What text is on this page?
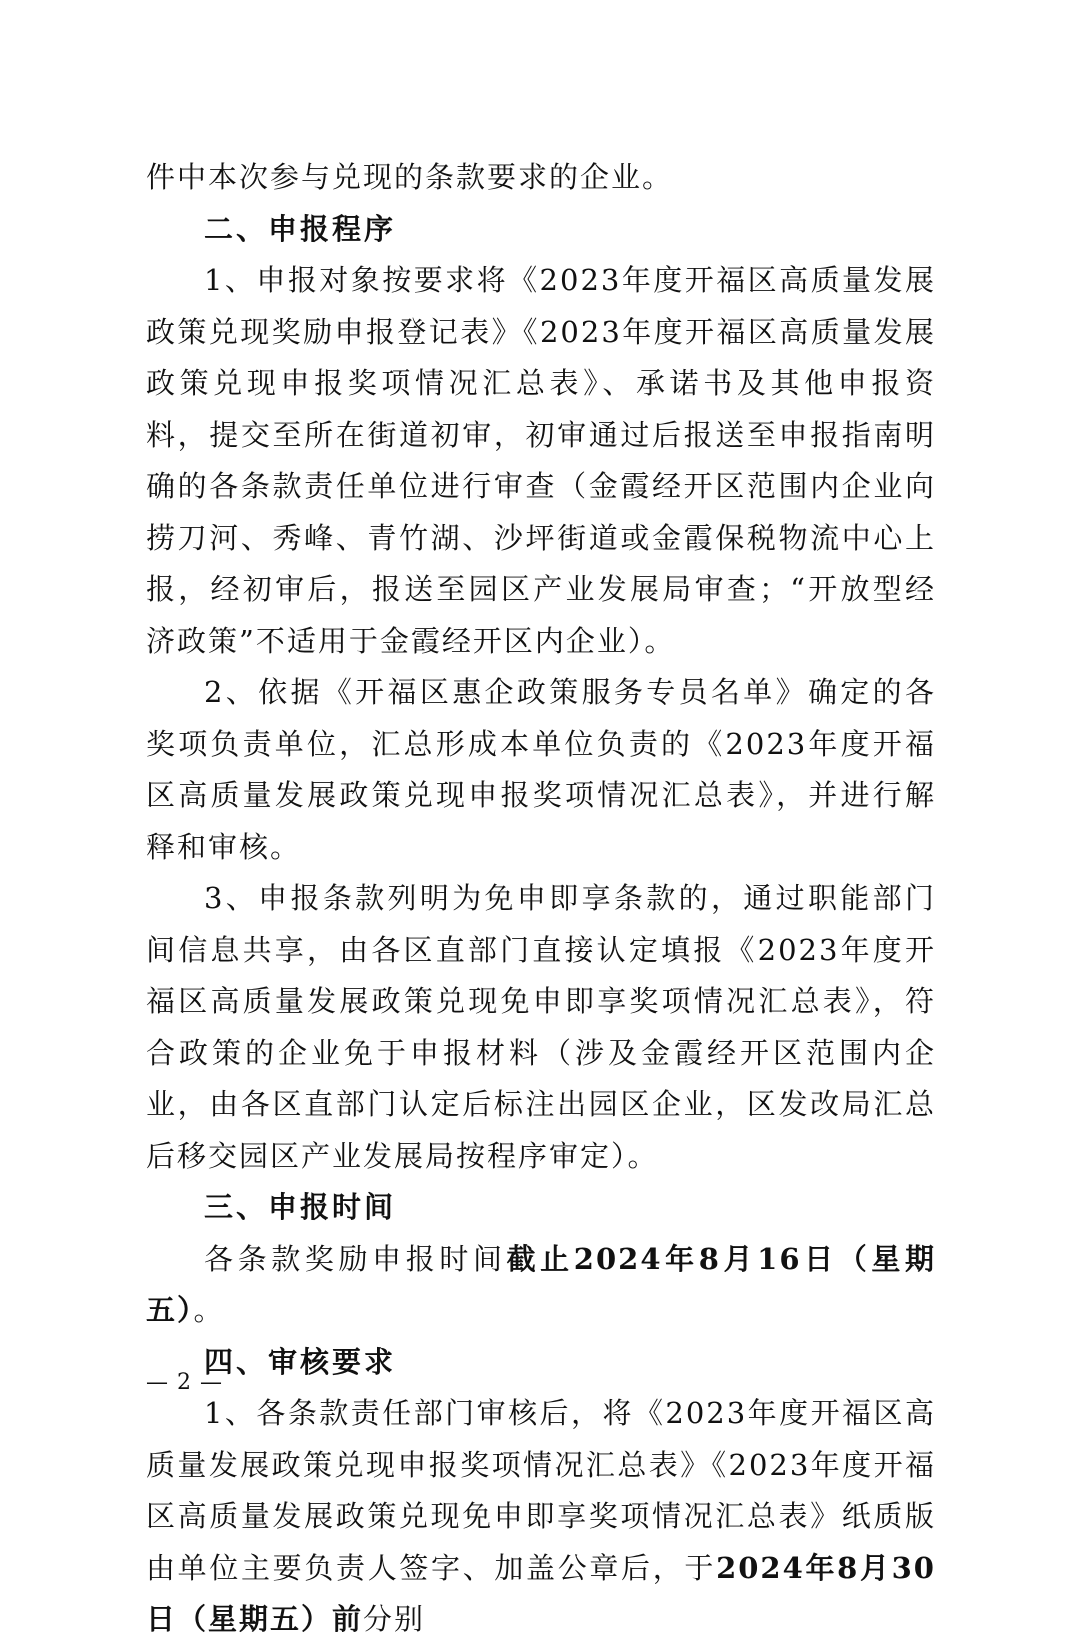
件中本次参与兑现的条款要求的企业。

二、申报程序

1、申报对象按要求将《2023年度开福区高质量发展政策兑现奖励申报登记表》《2023年度开福区高质量发展政策兑现申报奖项情况汇总表》、承诺书及其他申报资料，提交至所在街道初审，初审通过后报送至申报指南明确的各条款责任单位进行审查（金霞经开区范围内企业向捞刀河、秀峰、青竹湖、沙坪街道或金霞保税物流中心上报，经初审后，报送至园区产业发展局审查；“开放型经济政策”不适用于金霞经开区内企业）。

2、依据《开福区惠企政策服务专员名单》确定的各奖项负责单位，汇总形成本单位负责的《2023年度开福区高质量发展政策兑现申报奖项情况汇总表》，并进行解释和审核。

3、申报条款列明为免申即享条款的，通过职能部门间信息共享，由各区直部门直接认定填报《2023年度开福区高质量发展政策兑现免申即享奖项情况汇总表》，符合政策的企业免于申报材料（涉及金霞经开区范围内企业，由各区直部门认定后标注出园区企业，区发改局汇总后移交园区产业发展局按程序审定）。

三、申报时间

各条款奖励申报时间截止2024年8月16日（星期五）。

四、审核要求

1、各条款责任部门审核后，将《2023年度开福区高质量发展政策兑现申报奖项情况汇总表》《2023年度开福区高质量发展政策兑现免申即享奖项情况汇总表》纸质版由单位主要负责人签字、加盖公章后，于2024年8月30日（星期五）前分别

— 2 —
